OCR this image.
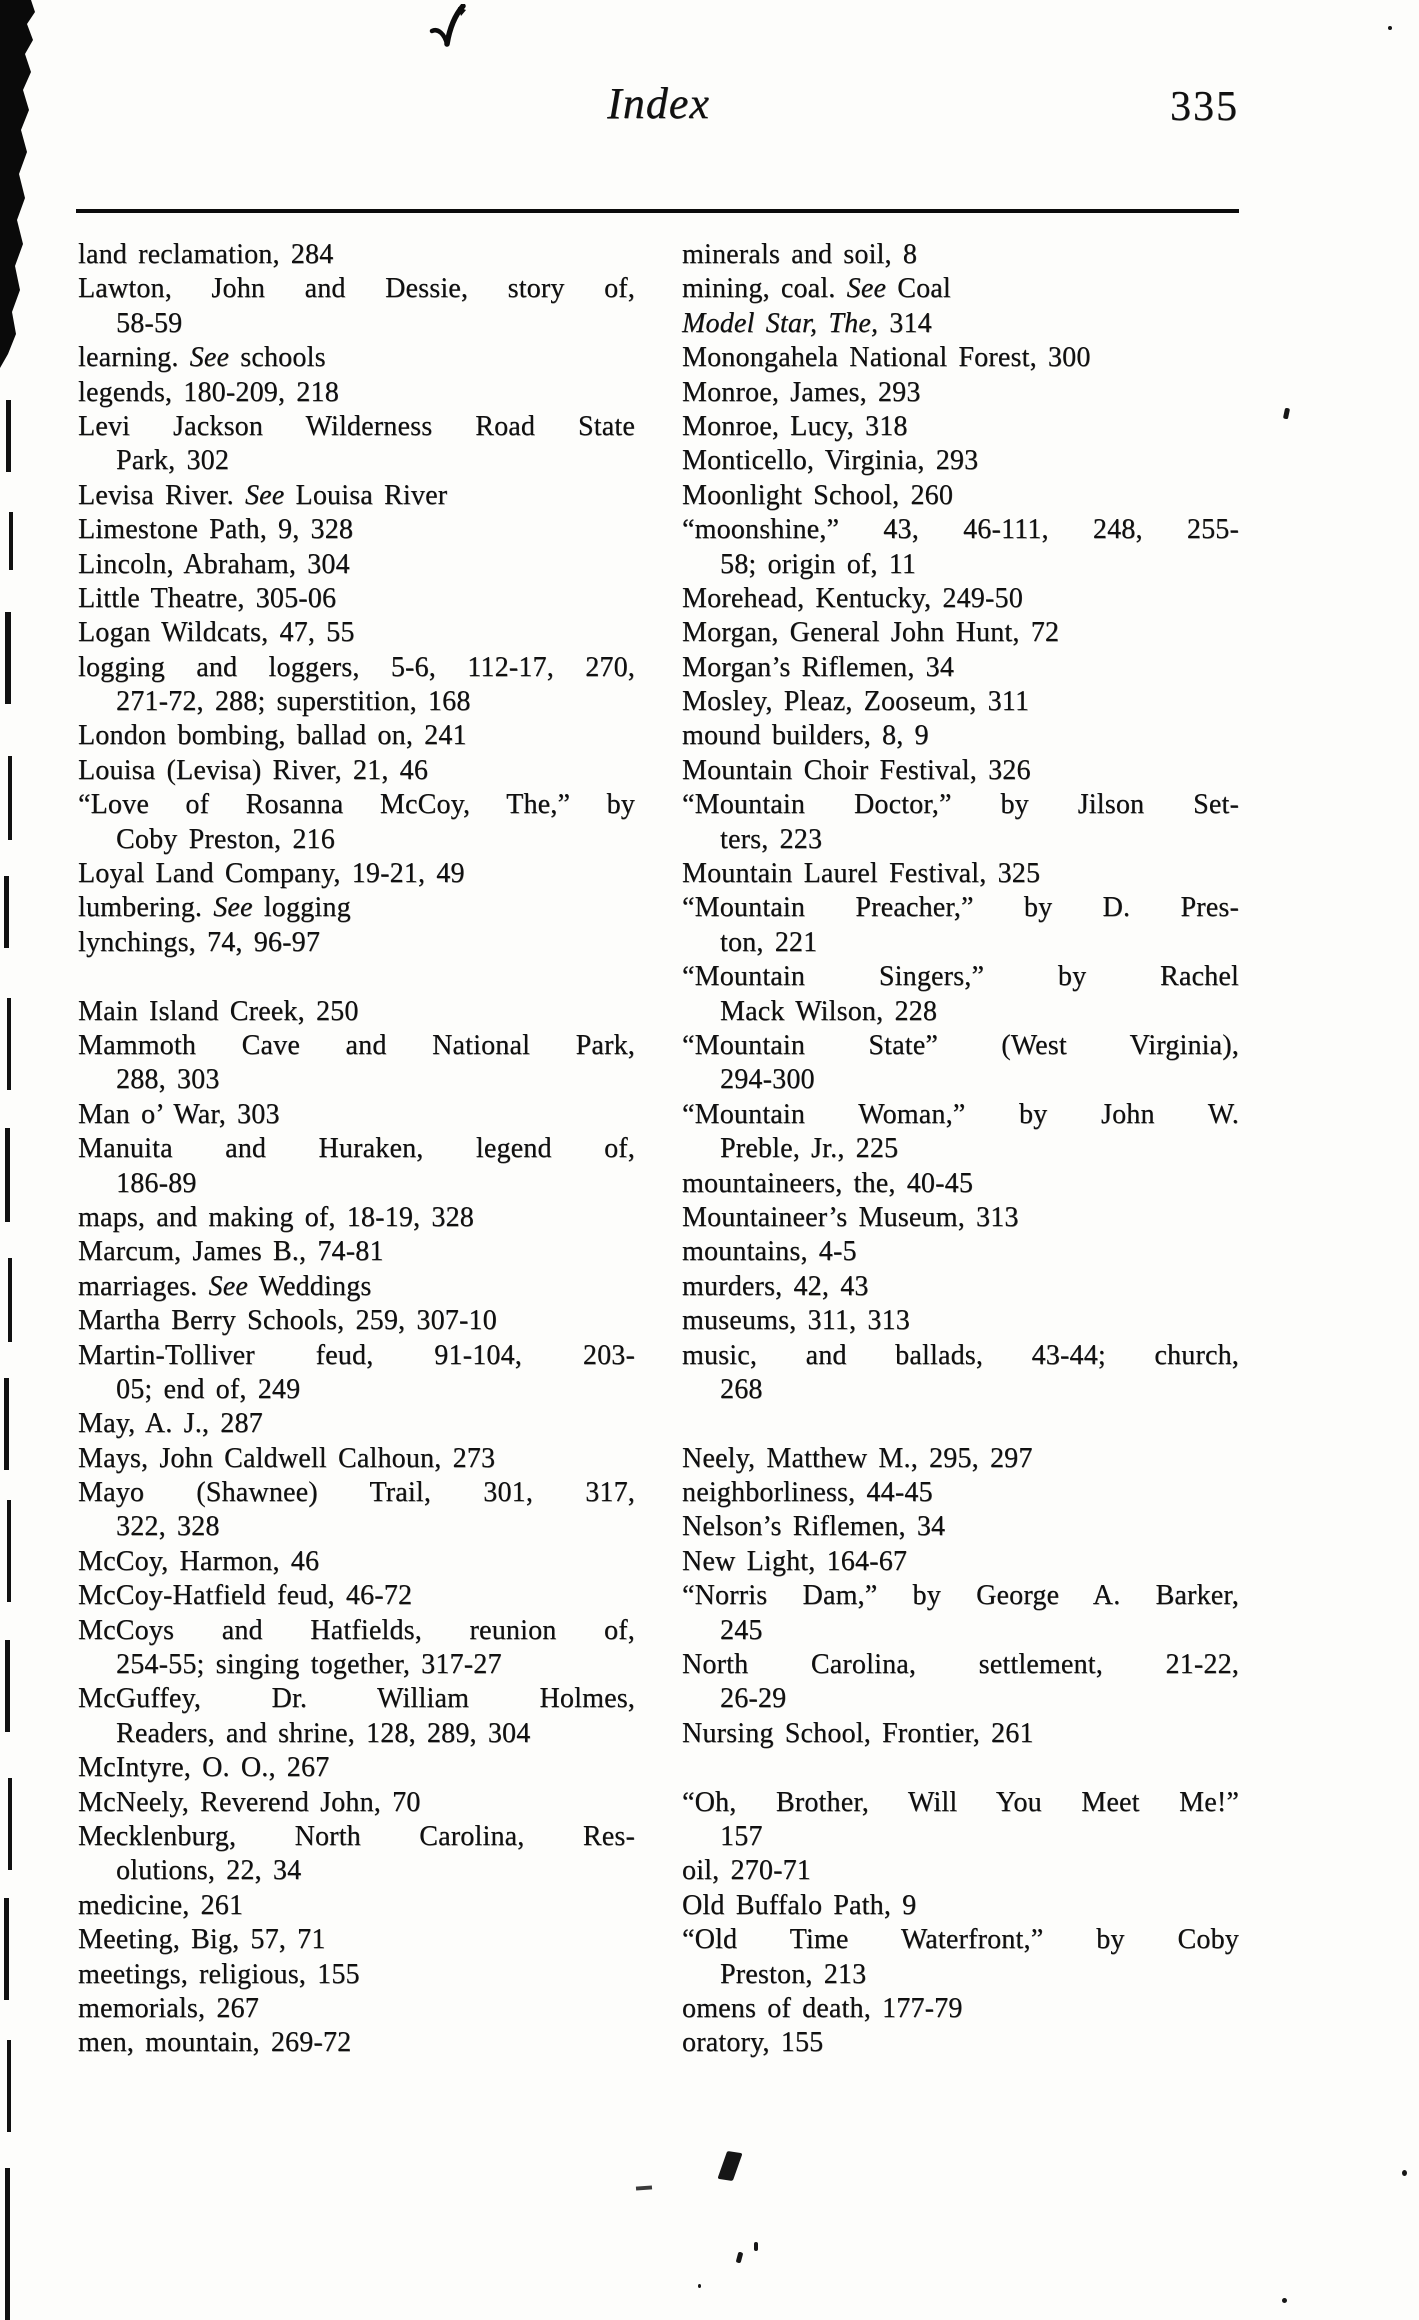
Index	335
land reclamation, 284
Lawton, John and Dessie, story of,
58-59
learning. See schools
legends, 180-209, 218
Levi Jackson Wilderness Road State
Park, 302
Levisa River. See Louisa River
Limestone Path, 9, 328
Lincoln, Abraham, 304
Little Theatre, 305-06
Logan Wildcats, 47, 55
logging and loggers, 5-6, 112-17, 270,
271-72, 288; superstition, 168
London bombing, ballad on, 241
Louisa (Levisa) River, 21, 46
“Love of Rosanna McCoy, The,” by
Coby Preston, 216
Loyal Land Company, 19-21, 49
lumbering. See logging
lynchings, 74, 96-97
Main Island Creek, 250
Mammoth Cave and National Park,
288, 303
Man o’ War, 303
Manuita and Huraken, legend of,
186-89
maps, and making of, 18-19, 328
Marcum, James B., 74-81
marriages. See Weddings
Martha Berry Schools, 259, 307-10
Martin-Tolliver feud, 91-104, 203-
05; end of, 249
May, A. J., 287
Mays, John Caldwell Calhoun, 273
Mayo (Shawnee) Trail, 301, 317,
322, 328
McCoy, Harmon, 46
McCoy-Hatfield feud, 46-72
McCoys and Hatfields, reunion of,
254-55; singing together, 317-27
McGuffey, Dr. William Holmes,
Readers, and shrine, 128, 289, 304
McIntyre, O. O., 267
McNeely, Reverend John, 70
Mecklenburg, North Carolina, Res-
olutions, 22, 34
medicine, 261
Meeting, Big, 57, 71
meetings, religious, 155
memorials, 267
men, mountain, 269-72
minerals and soil, 8
mining, coal. See Coal
Model Star, The, 314
Monongahela National Forest, 300
Monroe, James, 293
Monroe, Lucy, 318
Monticello, Virginia, 293
Moonlight School, 260
“moonshine,” 43, 46-111, 248, 255-
58; origin of, 11
Morehead, Kentucky, 249-50
Morgan, General John Hunt, 72
Morgan’s Riflemen, 34
Mosley, Pleaz, Zooseum, 311
mound builders, 8, 9
Mountain Choir Festival, 326
“Mountain Doctor,” by Jilson Set-
ters, 223
Mountain Laurel Festival, 325
“Mountain Preacher,” by D. Pres-
ton, 221
“Mountain Singers,” by Rachel
Mack Wilson, 228
“Mountain State” (West Virginia),
294-300
“Mountain Woman,” by John W.
Preble, Jr., 225
mountaineers, the, 40-45
Mountaineer’s Museum, 313
mountains, 4-5
murders, 42, 43
museums, 311, 313
music, and ballads, 43-44; church,
268
Neely, Matthew M., 295, 297
neighborliness, 44-45
Nelson’s Riflemen, 34
New Light, 164-67
“Norris Dam,” by George A. Barker,
245
North Carolina, settlement, 21-22,
26-29
Nursing School, Frontier, 261
“Oh, Brother, Will You Meet Me!”
157
oil, 270-71
Old Buffalo Path, 9
“Old Time Waterfront,” by Coby
Preston, 213
omens of death, 177-79
oratory, 155
